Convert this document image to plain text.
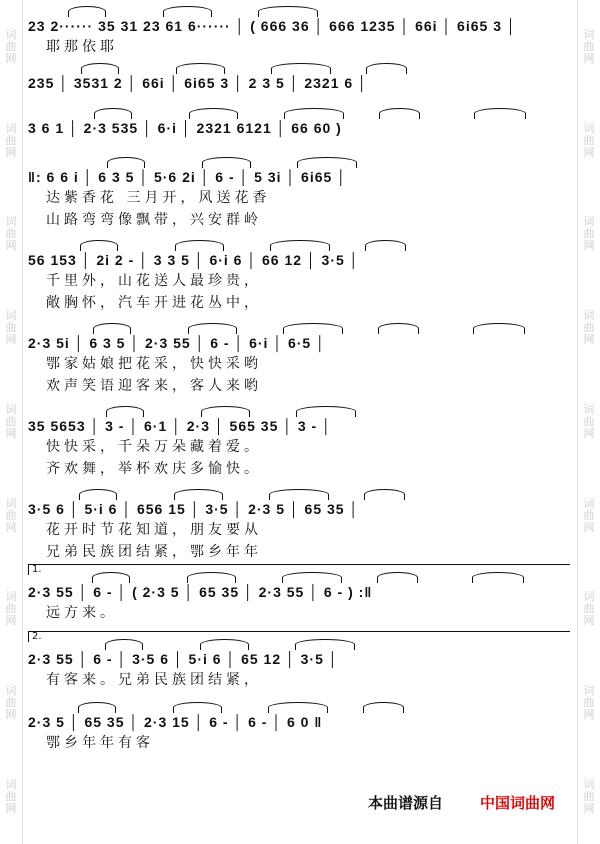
词
曲
网
词
曲
网
词
曲
网
词
曲
网
词
曲
网
词
曲
网
词
曲
网
词
曲
网
词
曲
网
词
曲
网
词
曲
网
词
曲
网
词
曲
网
词
曲
网
词
曲
网
词
曲
网
词
曲
网
词
曲
网
23 2······ 35 31 23 61 6······ │ ( 666 36 │ 666 1235 │ 66i │ 6i65 3 │
耶那依耶
235 │ 3531 2 │ 66i │ 6i65 3 │ 2 3 5 │ 2321 6 │
3 6 1 │ 2·3 535 │ 6·i │ 2321 6121 │ 66 60 )
‖: 6 6 i │ 6 3 5 │ 5·6 2i │ 6 - │ 5 3i │ 6i65 │
达紫香花 三月开，风送花香
山路弯弯像飘带，兴安群岭
56 153 │ 2i 2 - │ 3 3 5 │ 6·i 6 │ 66 12 │ 3·5 │
千里外，山花送人最珍贵，
敞胸怀，汽车开进花丛中，
2·3 5i │ 6 3 5 │ 2·3 55 │ 6 - │ 6·i │ 6·5 │
鄂家姑娘把花采，快快采哟
欢声笑语迎客来，客人来哟
35 5653 │ 3 - │ 6·1 │ 2·3 │ 565 35 │ 3 - │
快快采，千朵万朵藏着爱。
齐欢舞，举杯欢庆多愉快。
3·5 6 │ 5·i 6 │ 656 15 │ 3·5 │ 2·3 5 │ 65 35 │
花开时节花知道，朋友要从
兄弟民族团结紧，鄂乡年年
1.
2·3 55 │ 6 - │ ( 2·3 5 │ 65 35 │ 2·3 55 │ 6 - ) :‖
远方来。
2.
2·3 55 │ 6 - │ 3·5 6 │ 5·i 6 │ 65 12 │ 3·5 │
有客来。兄弟民族团结紧，
2·3 5 │ 65 35 │ 2·3 15 │ 6 - │ 6 - │ 6 0 ‖
鄂乡年年有客
本曲谱源自 中国词曲网
